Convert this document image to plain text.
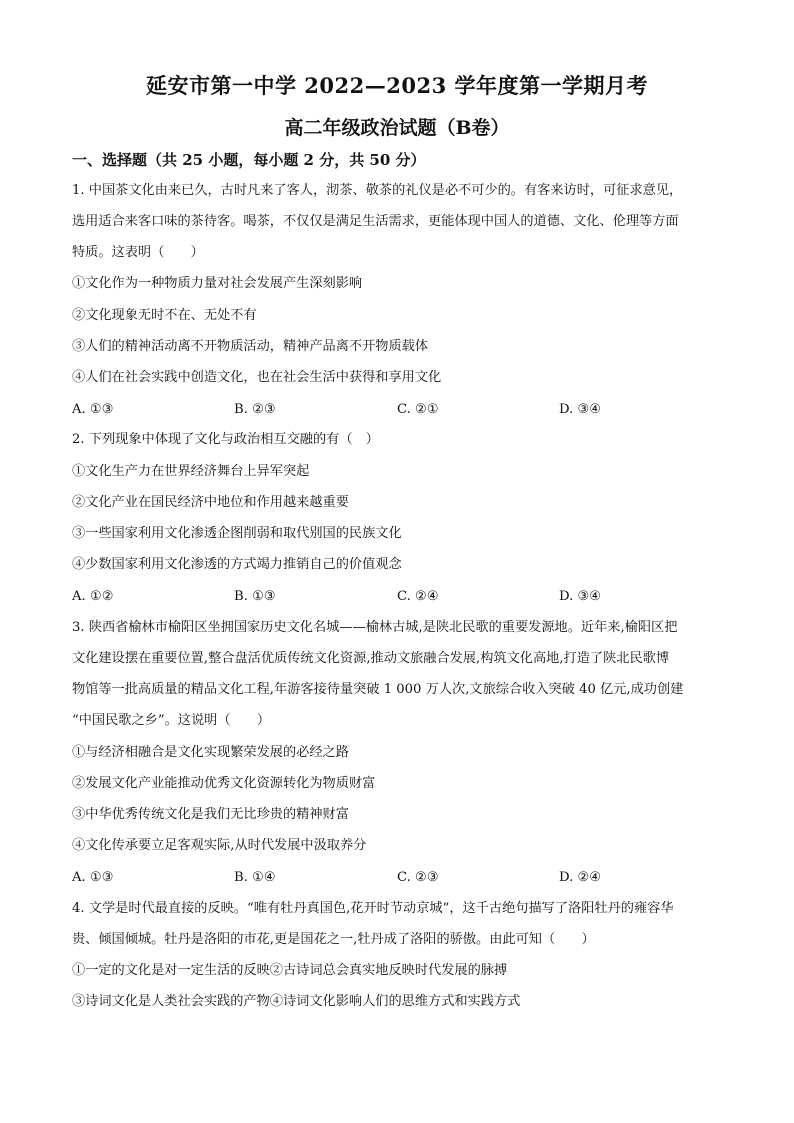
延安市第一中学 2022—2023 学年度第一学期月考
高二年级政治试题（B卷）
一、选择题（共 25 小题，每小题 2 分，共 50 分）
1. 中国茶文化由来已久，古时凡来了客人，沏茶、敬茶的礼仪是必不可少的。有客来访时，可征求意见，
选用适合来客口味的茶待客。喝茶，不仅仅是满足生活需求，更能体现中国人的道德、文化、伦理等方面
特质。这表明（　　）
①文化作为一种物质力量对社会发展产生深刻影响
②文化现象无时不在、无处不有
③人们的精神活动离不开物质活动，精神产品离不开物质载体
④人们在社会实践中创造文化，也在社会生活中获得和享用文化
A. ①③	B. ②③	C. ②①	D. ③④
2. 下列现象中体现了文化与政治相互交融的有（　）
①文化生产力在世界经济舞台上异军突起
②文化产业在国民经济中地位和作用越来越重要
③一些国家利用文化渗透企图削弱和取代别国的民族文化
④少数国家利用文化渗透的方式竭力推销自己的价值观念
A. ①②	B. ①③	C. ②④	D. ③④
3. 陕西省榆林市榆阳区坐拥国家历史文化名城——榆林古城,是陕北民歌的重要发源地。近年来,榆阳区把
文化建设摆在重要位置,整合盘活优质传统文化资源,推动文旅融合发展,构筑文化高地,打造了陕北民歌博
物馆等一批高质量的精品文化工程,年游客接待量突破 1 000 万人次,文旅综合收入突破 40 亿元,成功创建
“中国民歌之乡”。这说明（　　）
①与经济相融合是文化实现繁荣发展的必经之路
②发展文化产业能推动优秀文化资源转化为物质财富
③中华优秀传统文化是我们无比珍贵的精神财富
④文化传承要立足客观实际,从时代发展中汲取养分
A. ①③	B. ①④	C. ②③	D. ②④
4. 文学是时代最直接的反映。“唯有牡丹真国色,花开时节动京城”，这千古绝句描写了洛阳牡丹的雍容华
贵、倾国倾城。牡丹是洛阳的市花,更是国花之一,牡丹成了洛阳的骄傲。由此可知（　　）
①一定的文化是对一定生活的反映②古诗词总会真实地反映时代发展的脉搏
③诗词文化是人类社会实践的产物④诗词文化影响人们的思维方式和实践方式
